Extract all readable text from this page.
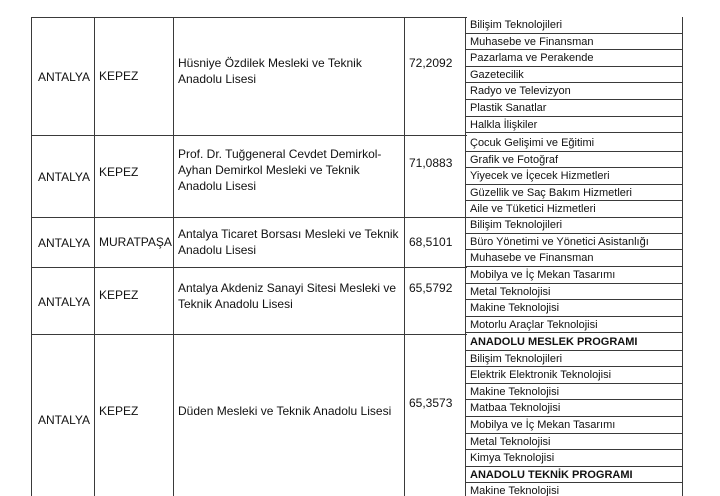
ANTALYA KEPEZ
Hüsniye Özdilek Mesleki ve Teknik Anadolu Lisesi
72,2092
Bilişim Teknolojileri
Muhasebe ve Finansman
Pazarlama ve Perakende
Gazetecilik
Radyo ve Televizyon
Plastik Sanatlar
Halkla İlişkiler
ANTALYA KEPEZ
Prof. Dr. Tuğgeneral Cevdet Demirkol-Ayhan Demirkol Mesleki ve Teknik Anadolu Lisesi
71,0883
Çocuk Gelişimi ve Eğitimi
Grafik ve Fotoğraf
Yiyecek ve İçecek Hizmetleri
Güzellik ve Saç Bakım Hizmetleri
Aile ve Tüketici Hizmetleri
ANTALYA MURATPAŞA
Antalya Ticaret Borsası Mesleki ve Teknik Anadolu Lisesi
68,5101
Bilişim Teknolojileri
Büro Yönetimi ve Yönetici Asistanlığı
Muhasebe ve Finansman
ANTALYA KEPEZ	Antalya Akdeniz Sanayi Sitesi Mesleki ve Teknik Anadolu Lisesi
65,5792
Mobilya ve İç Mekan Tasarımı
Metal Teknolojisi
Makine Teknolojisi
Motorlu Araçlar Teknolojisi
ANTALYA
KEPEZ	Düden Mesleki ve Teknik Anadolu Lisesi
65,3573
ANADOLU MESLEK PROGRAMI
Bilişim Teknolojileri
Elektrik Elektronik Teknolojisi
Makine Teknolojisi
Matbaa Teknolojisi
Mobilya ve İç Mekan Tasarımı
Metal Teknolojisi
Kimya Teknolojisi
ANADOLU TEKNİK PROGRAMI
Makine Teknolojisi
